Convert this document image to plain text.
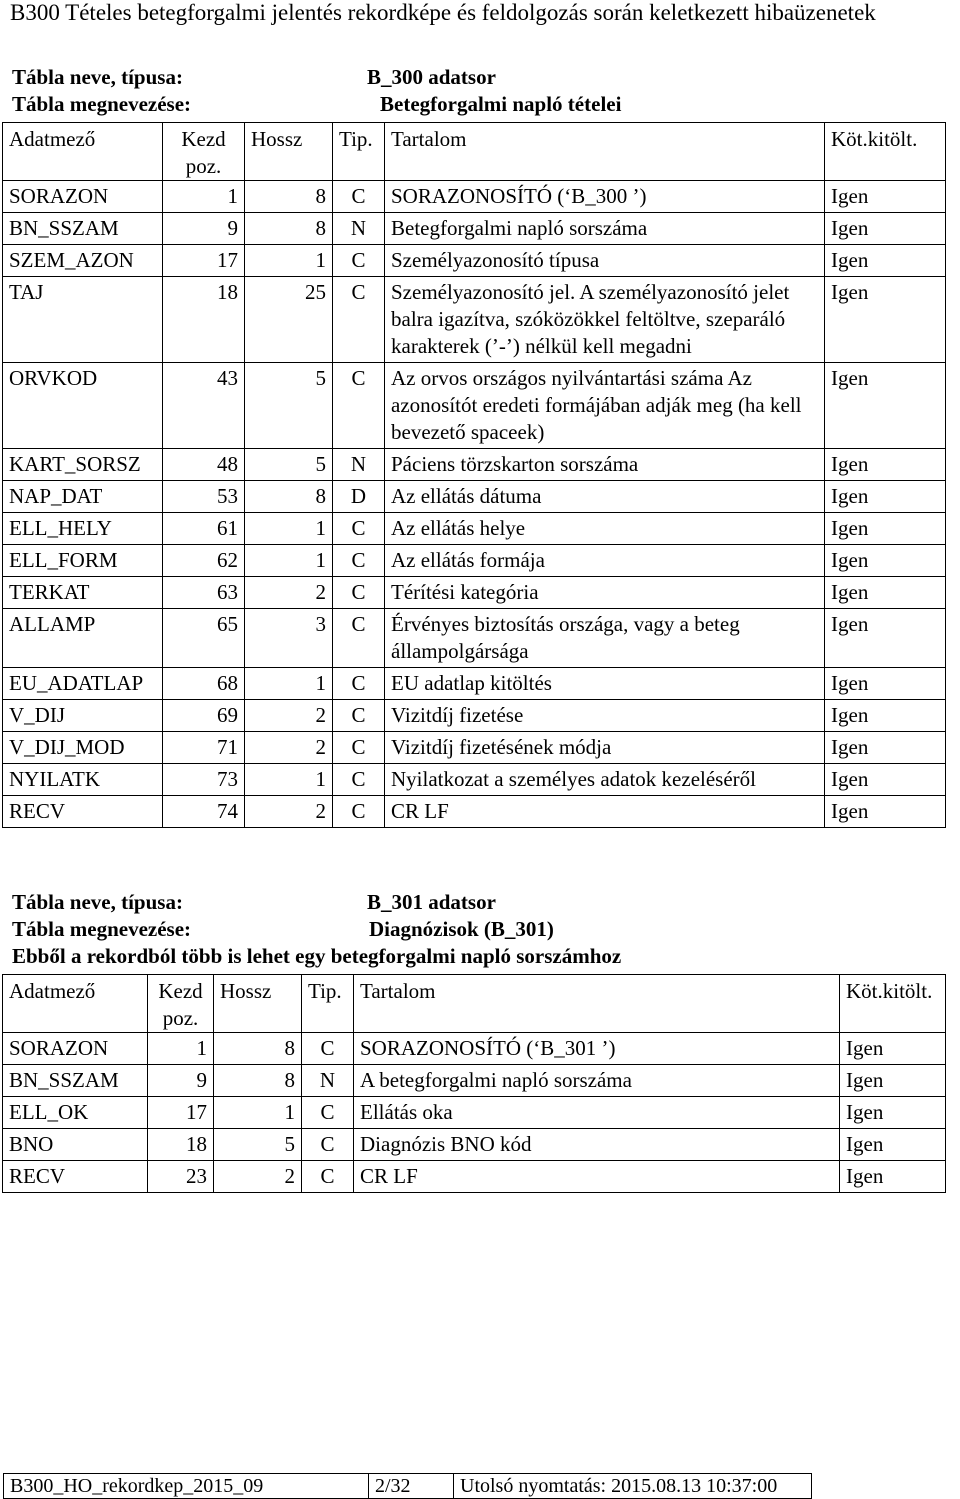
B300 Tételes betegforgalmi jelentés rekordképe és feldolgozás során keletkezett hibaüzenetek
Tábla neve, típusa:	B_300 adatsor
Tábla megnevezése:	Betegforgalmi napló tételei
Adatmező	Kezd poz.	Hossz	Tip.	Tartalom	Köt.kitölt.
SORAZON	1	8	C	SORAZONOSÍTÓ (‘B_300 ’)	Igen
BN_SSZAM	9	8	N	Betegforgalmi napló sorszáma	Igen
SZEM_AZON	17	1	C	Személyazonosító típusa	Igen
TAJ	18	25	C	Személyazonosító jel. A személyazonosító jelet balra igazítva, szóközökkel feltöltve, szeparáló karakterek (’-’) nélkül kell megadni	Igen
ORVKOD	43	5	C	Az orvos országos nyilvántartási száma Az azonosítót eredeti formájában adják meg (ha kell bevezető spaceek)	Igen
KART_SORSZ	48	5	N	Páciens törzskarton sorszáma	Igen
NAP_DAT	53	8	D	Az ellátás dátuma	Igen
ELL_HELY	61	1	C	Az ellátás helye	Igen
ELL_FORM	62	1	C	Az ellátás formája	Igen
TERKAT	63	2	C	Térítési kategória	Igen
ALLAMP	65	3	C	Érvényes biztosítás országa, vagy a beteg állampolgársága	Igen
EU_ADATLAP	68	1	C	EU adatlap kitöltés	Igen
V_DIJ	69	2	C	Vizitdíj fizetése	Igen
V_DIJ_MOD	71	2	C	Vizitdíj fizetésének módja	Igen
NYILATK	73	1	C	Nyilatkozat a személyes adatok kezeléséről	Igen
RECV	74	2	C	CR LF	Igen
Tábla neve, típusa:	B_301 adatsor
Tábla megnevezése:	Diagnózisok (B_301)
Ebből a rekordból több is lehet egy betegforgalmi napló sorszámhoz
Adatmező	Kezd poz.	Hossz	Tip.	Tartalom	Köt.kitölt.
SORAZON	1	8	C	SORAZONOSÍTÓ (‘B_301 ’)	Igen
BN_SSZAM	9	8	N	A betegforgalmi napló sorszáma	Igen
ELL_OK	17	1	C	Ellátás oka	Igen
BNO	18	5	C	Diagnózis BNO kód	Igen
RECV	23	2	C	CR LF	Igen
B300_HO_rekordkep_2015_09	2/32	Utolsó nyomtatás: 2015.08.13 10:37:00
